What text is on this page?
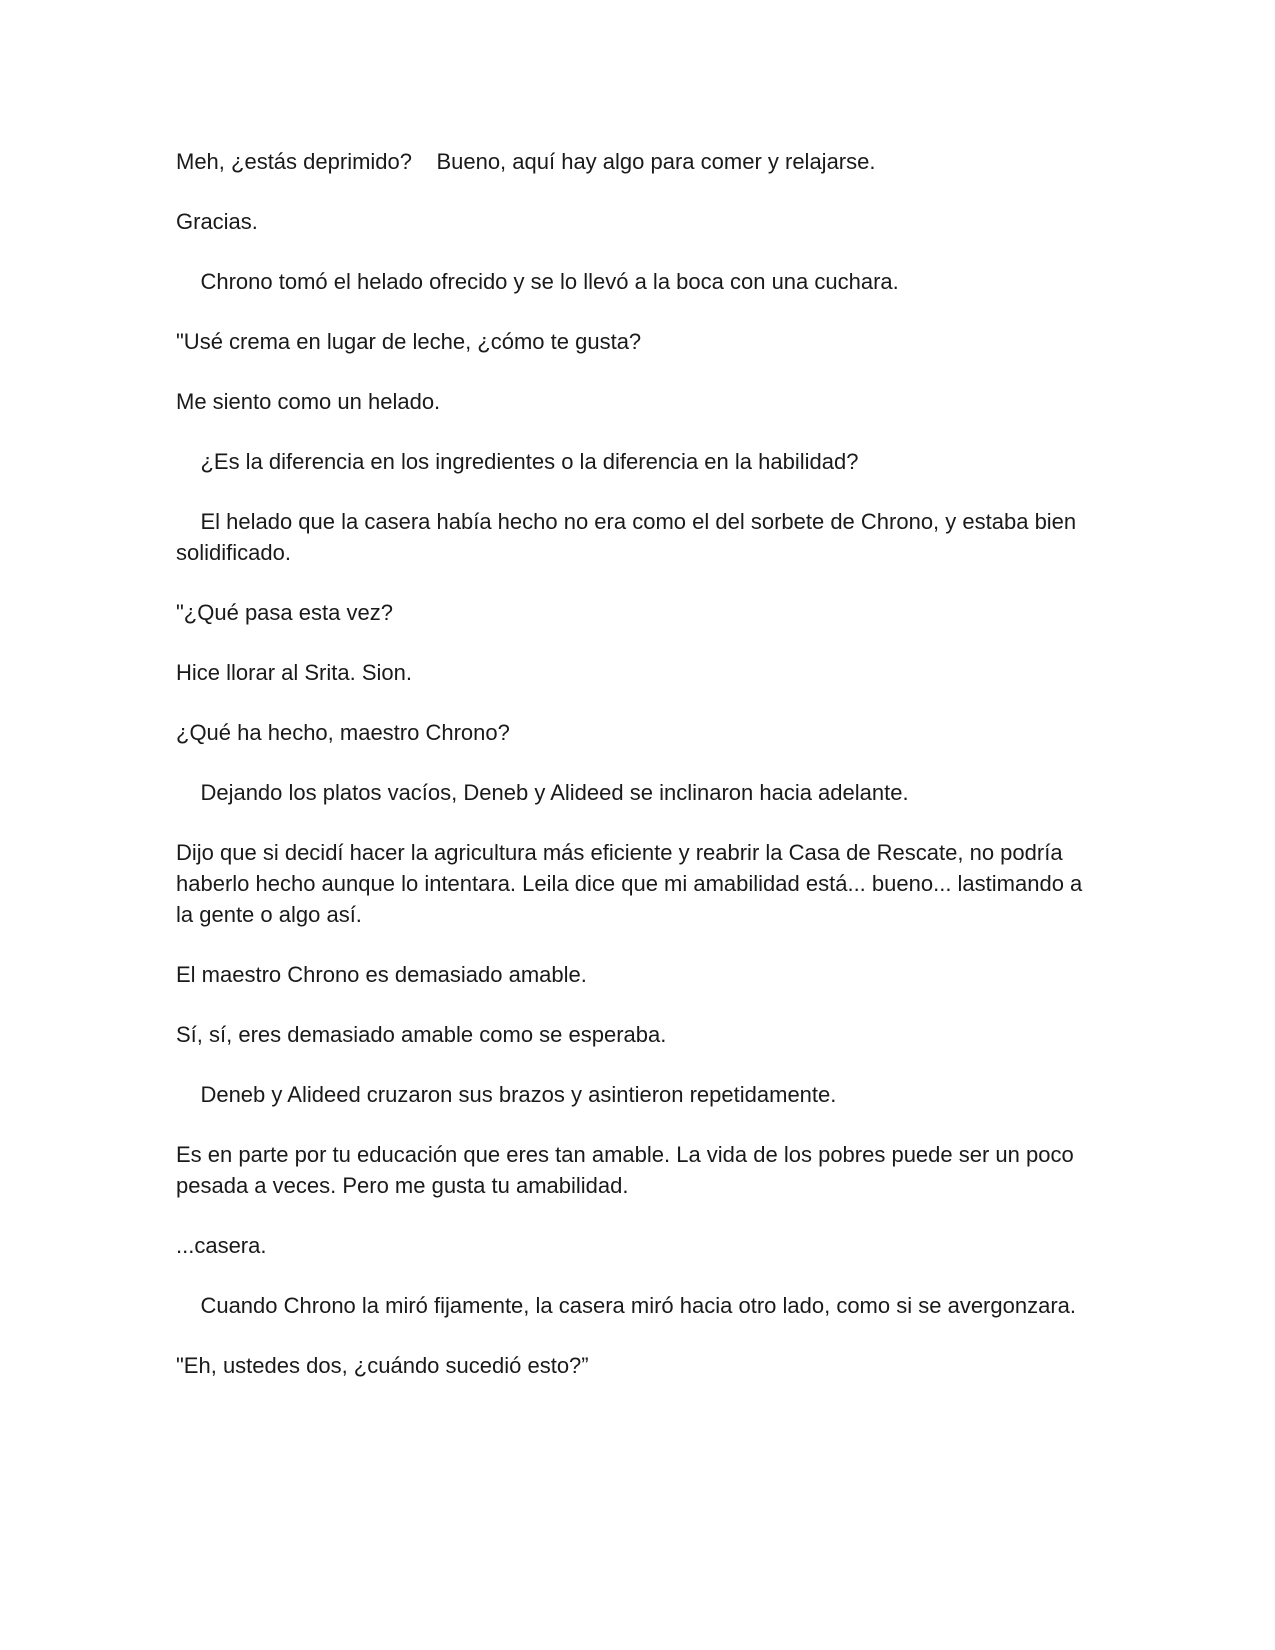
Meh, ¿estás deprimido?    Bueno, aquí hay algo para comer y relajarse.

Gracias.

Chrono tomó el helado ofrecido y se lo llevó a la boca con una cuchara.

"Usé crema en lugar de leche, ¿cómo te gusta?

Me siento como un helado.

¿Es la diferencia en los ingredientes o la diferencia en la habilidad?

El helado que la casera había hecho no era como el del sorbete de Chrono, y estaba bien solidificado.

"¿Qué pasa esta vez?

Hice llorar al Srita. Sion.

¿Qué ha hecho, maestro Chrono?

Dejando los platos vacíos, Deneb y Alideed se inclinaron hacia adelante.

Dijo que si decidí hacer la agricultura más eficiente y reabrir la Casa de Rescate, no podría haberlo hecho aunque lo intentara. Leila dice que mi amabilidad está... bueno... lastimando a la gente o algo así.

El maestro Chrono es demasiado amable.

Sí, sí, eres demasiado amable como se esperaba.

Deneb y Alideed cruzaron sus brazos y asintieron repetidamente.

Es en parte por tu educación que eres tan amable. La vida de los pobres puede ser un poco pesada a veces. Pero me gusta tu amabilidad.

...casera.

Cuando Chrono la miró fijamente, la casera miró hacia otro lado, como si se avergonzara.

"Eh, ustedes dos, ¿cuándo sucedió esto?”
